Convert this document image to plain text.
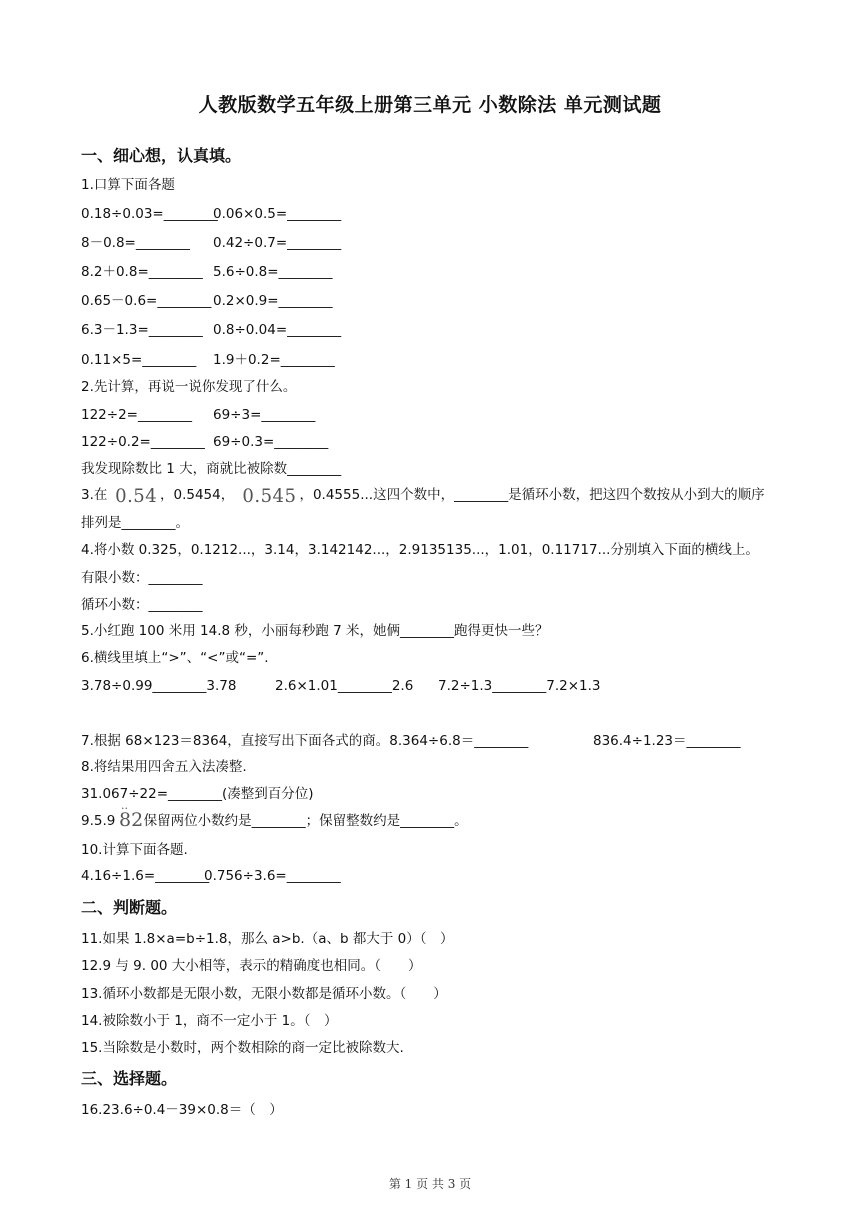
人教版数学五年级上册第三单元 小数除法 单元测试题
一、细心想，认真填。
1.口算下面各题
0.18÷0.03=________
0.06×0.5=________
8－0.8=________ 0.42÷0.7=________
8.2＋0.8=________ 5.6÷0.8=________
0.65－0.6=________ 0.2×0.9=________
6.3－1.3=________ 0.8÷0.04=________
0.11×5=________ 1.9＋0.2=________
2.先计算，再说一说你发现了什么。
122÷2=________ 69÷3=________
122÷0.2=________ 69÷0.3=________
我发现除数比 1 大，商就比被除数________
3.在 0.54 ，0.5454， 0.545 ，0.4555...这四个数中，________是循环小数，把这四个数按从小到大的顺序
排列是________。
4.将小数 0.325，0.1212...，3.14，3.142142...，2.9135135...，1.01，0.11717...分别填入下面的横线上。
有限小数：________
循环小数：________
5.小红跑 100 米用 14.8 秒，小丽每秒跑 7 米，她俩________跑得更快一些？
6.横线里填上“>”、“<”或“=”.
3.78÷0.99________3.78	2.6×1.01________2.6 7.2÷1.3________7.2×1.3
7.根据 68×123＝8364，直接写出下面各式的商。8.364÷6.8＝________	836.4÷1.23＝________
8.将结果用四舍五入法凑整.
31.067÷22=________(凑整到百分位)
9.5.9 保留两位小数约是________；保留整数约是________。
..
82
10.计算下面各题.
4.16÷1.6=________
0.756÷3.6=________
二、判断题。
11.如果 1.8×a=b÷1.8，那么 a>b.（a、b 都大于 0）（　）
12.9 与 9. 00 大小相等，表示的精确度也相同。（　　）
13.循环小数都是无限小数，无限小数都是循环小数。（　　）
14.被除数小于 1，商不一定小于 1。（　）
15.当除数是小数时，两个数相除的商一定比被除数大.
三、选择题。
16.23.6÷0.4－39×0.8＝（　）
第 1 页 共 3 页
